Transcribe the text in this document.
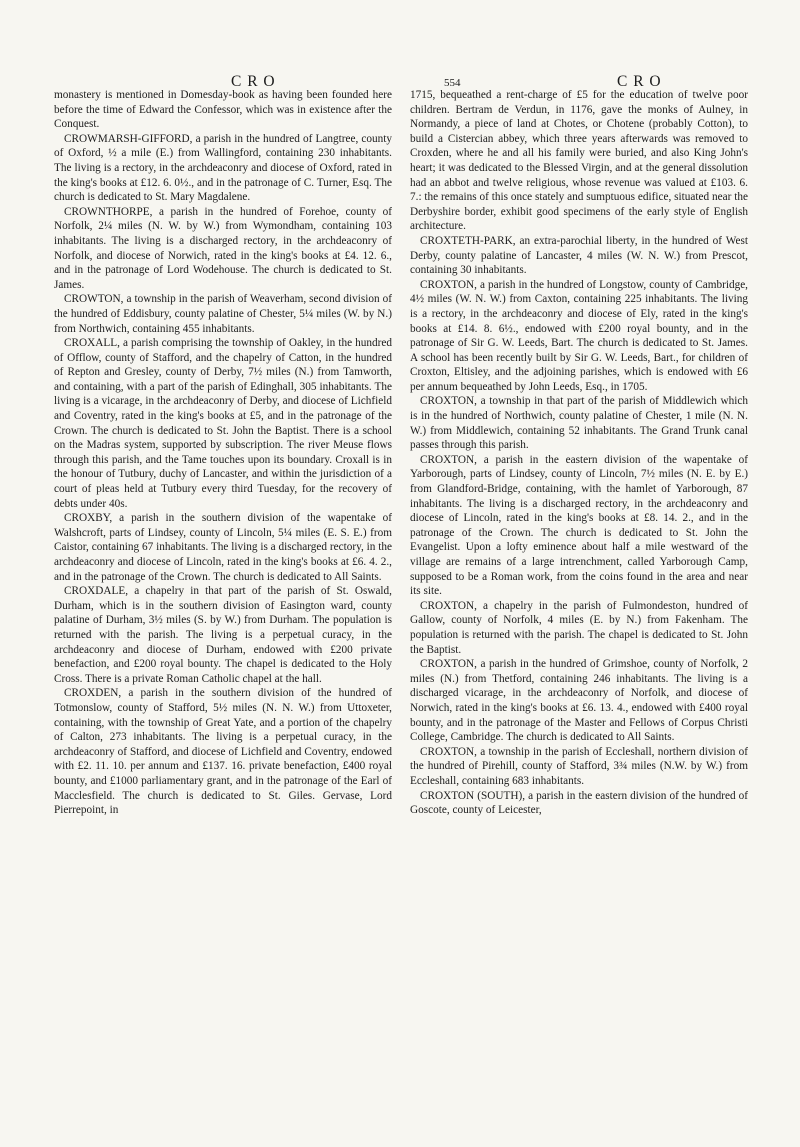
C R O	554	C R O

monastery is mentioned in Domesday-book as having been founded here before the time of Edward the Confessor, which was in existence after the Conquest.

CROWMARSH-GIFFORD, a parish in the hundred of Langtree, county of Oxford, ½ a mile (E.) from Wallingford, containing 230 inhabitants. The living is a rectory, in the archdeaconry and diocese of Oxford, rated in the king's books at £12. 6. 0½., and in the patronage of C. Turner, Esq. The church is dedicated to St. Mary Magdalene.

CROWNTHORPE, a parish in the hundred of Forehoe, county of Norfolk, 2¼ miles (N. W. by W.) from Wymondham, containing 103 inhabitants. The living is a discharged rectory, in the archdeaconry of Norfolk, and diocese of Norwich, rated in the king's books at £4. 12. 6., and in the patronage of Lord Wodehouse. The church is dedicated to St. James.

CROWTON, a township in the parish of Weaverham, second division of the hundred of Eddisbury, county palatine of Chester, 5¼ miles (W. by N.) from Northwich, containing 455 inhabitants.

CROXALL, a parish comprising the township of Oakley, in the hundred of Offlow, county of Stafford, and the chapelry of Catton, in the hundred of Repton and Gresley, county of Derby, 7½ miles (N.) from Tamworth, and containing, with a part of the parish of Edinghall, 305 inhabitants. The living is a vicarage, in the archdeaconry of Derby, and diocese of Lichfield and Coventry, rated in the king's books at £5, and in the patronage of the Crown. The church is dedicated to St. John the Baptist. There is a school on the Madras system, supported by subscription. The river Meuse flows through this parish, and the Tame touches upon its boundary. Croxall is in the honour of Tutbury, duchy of Lancaster, and within the jurisdiction of a court of pleas held at Tutbury every third Tuesday, for the recovery of debts under 40s.

CROXBY, a parish in the southern division of the wapentake of Walshcroft, parts of Lindsey, county of Lincoln, 5¼ miles (E. S. E.) from Caistor, containing 67 inhabitants. The living is a discharged rectory, in the archdeaconry and diocese of Lincoln, rated in the king's books at £6. 4. 2., and in the patronage of the Crown. The church is dedicated to All Saints.

CROXDALE, a chapelry in that part of the parish of St. Oswald, Durham, which is in the southern division of Easington ward, county palatine of Durham, 3½ miles (S. by W.) from Durham. The population is returned with the parish. The living is a perpetual curacy, in the archdeaconry and diocese of Durham, endowed with £200 private benefaction, and £200 royal bounty. The chapel is dedicated to the Holy Cross. There is a private Roman Catholic chapel at the hall.

CROXDEN, a parish in the southern division of the hundred of Totmonslow, county of Stafford, 5½ miles (N. N. W.) from Uttoxeter, containing, with the township of Great Yate, and a portion of the chapelry of Calton, 273 inhabitants. The living is a perpetual curacy, in the archdeaconry of Stafford, and diocese of Lichfield and Coventry, endowed with £2. 11. 10. per annum and £137. 16. private benefaction, £400 royal bounty, and £1000 parliamentary grant, and in the patronage of the Earl of Macclesfield. The church is dedicated to St. Giles. Gervase, Lord Pierrepoint, in

1715, bequeathed a rent-charge of £5 for the education of twelve poor children. Bertram de Verdun, in 1176, gave the monks of Aulney, in Normandy, a piece of land at Chotes, or Chotene (probably Cotton), to build a Cistercian abbey, which three years afterwards was removed to Croxden, where he and all his family were buried, and also King John's heart; it was dedicated to the Blessed Virgin, and at the general dissolution had an abbot and twelve religious, whose revenue was valued at £103. 6. 7.: the remains of this once stately and sumptuous edifice, situated near the Derbyshire border, exhibit good specimens of the early style of English architecture.

CROXTETH-PARK, an extra-parochial liberty, in the hundred of West Derby, county palatine of Lancaster, 4 miles (W. N. W.) from Prescot, containing 30 inhabitants.

CROXTON, a parish in the hundred of Longstow, county of Cambridge, 4½ miles (W. N. W.) from Caxton, containing 225 inhabitants. The living is a rectory, in the archdeaconry and diocese of Ely, rated in the king's books at £14. 8. 6½., endowed with £200 royal bounty, and in the patronage of Sir G. W. Leeds, Bart. The church is dedicated to St. James. A school has been recently built by Sir G. W. Leeds, Bart., for children of Croxton, Eltisley, and the adjoining parishes, which is endowed with £6 per annum bequeathed by John Leeds, Esq., in 1705.

CROXTON, a township in that part of the parish of Middlewich which is in the hundred of Northwich, county palatine of Chester, 1 mile (N. N. W.) from Middlewich, containing 52 inhabitants. The Grand Trunk canal passes through this parish.

CROXTON, a parish in the eastern division of the wapentake of Yarborough, parts of Lindsey, county of Lincoln, 7½ miles (N. E. by E.) from Glandford-Bridge, containing, with the hamlet of Yarborough, 87 inhabitants. The living is a discharged rectory, in the archdeaconry and diocese of Lincoln, rated in the king's books at £8. 14. 2., and in the patronage of the Crown. The church is dedicated to St. John the Evangelist. Upon a lofty eminence about half a mile westward of the village are remains of a large intrenchment, called Yarborough Camp, supposed to be a Roman work, from the coins found in the area and near its site.

CROXTON, a chapelry in the parish of Fulmondeston, hundred of Gallow, county of Norfolk, 4 miles (E. by N.) from Fakenham. The population is returned with the parish. The chapel is dedicated to St. John the Baptist.

CROXTON, a parish in the hundred of Grimshoe, county of Norfolk, 2 miles (N.) from Thetford, containing 246 inhabitants. The living is a discharged vicarage, in the archdeaconry of Norfolk, and diocese of Norwich, rated in the king's books at £6. 13. 4., endowed with £400 royal bounty, and in the patronage of the Master and Fellows of Corpus Christi College, Cambridge. The church is dedicated to All Saints.

CROXTON, a township in the parish of Eccleshall, northern division of the hundred of Pirehill, county of Stafford, 3¾ miles (N.W. by W.) from Eccleshall, containing 683 inhabitants.

CROXTON (SOUTH), a parish in the eastern division of the hundred of Goscote, county of Leicester,
